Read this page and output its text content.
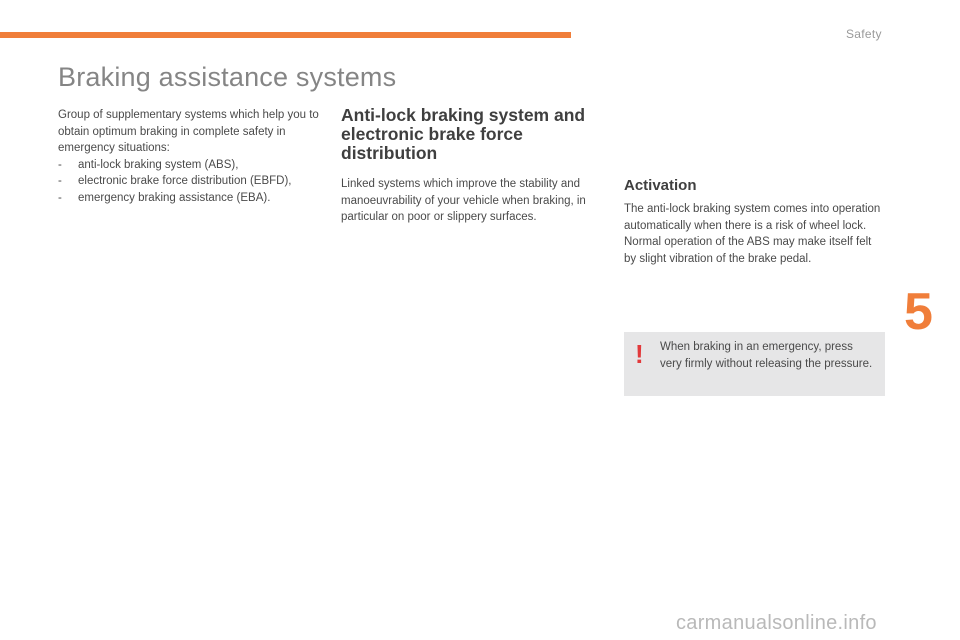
Safety
Braking assistance systems

Group of supplementary systems which help you to obtain optimum braking in complete safety in emergency situations:

-	anti-lock braking system (ABS),
-	electronic brake force distribution (EBFD),
-	emergency braking assistance (EBA).
Anti-lock braking system and electronic brake force distribution

Linked systems which improve the stability and manoeuvrability of your vehicle when braking, in particular on poor or slippery surfaces.

Activation

The anti-lock braking system comes into operation automatically when there is a risk of wheel lock.

Normal operation of the ABS may make itself felt by slight vibration of the brake pedal.

! When braking in an emergency, press very firmly without releasing the pressure.
5
carmanualsonline.info
